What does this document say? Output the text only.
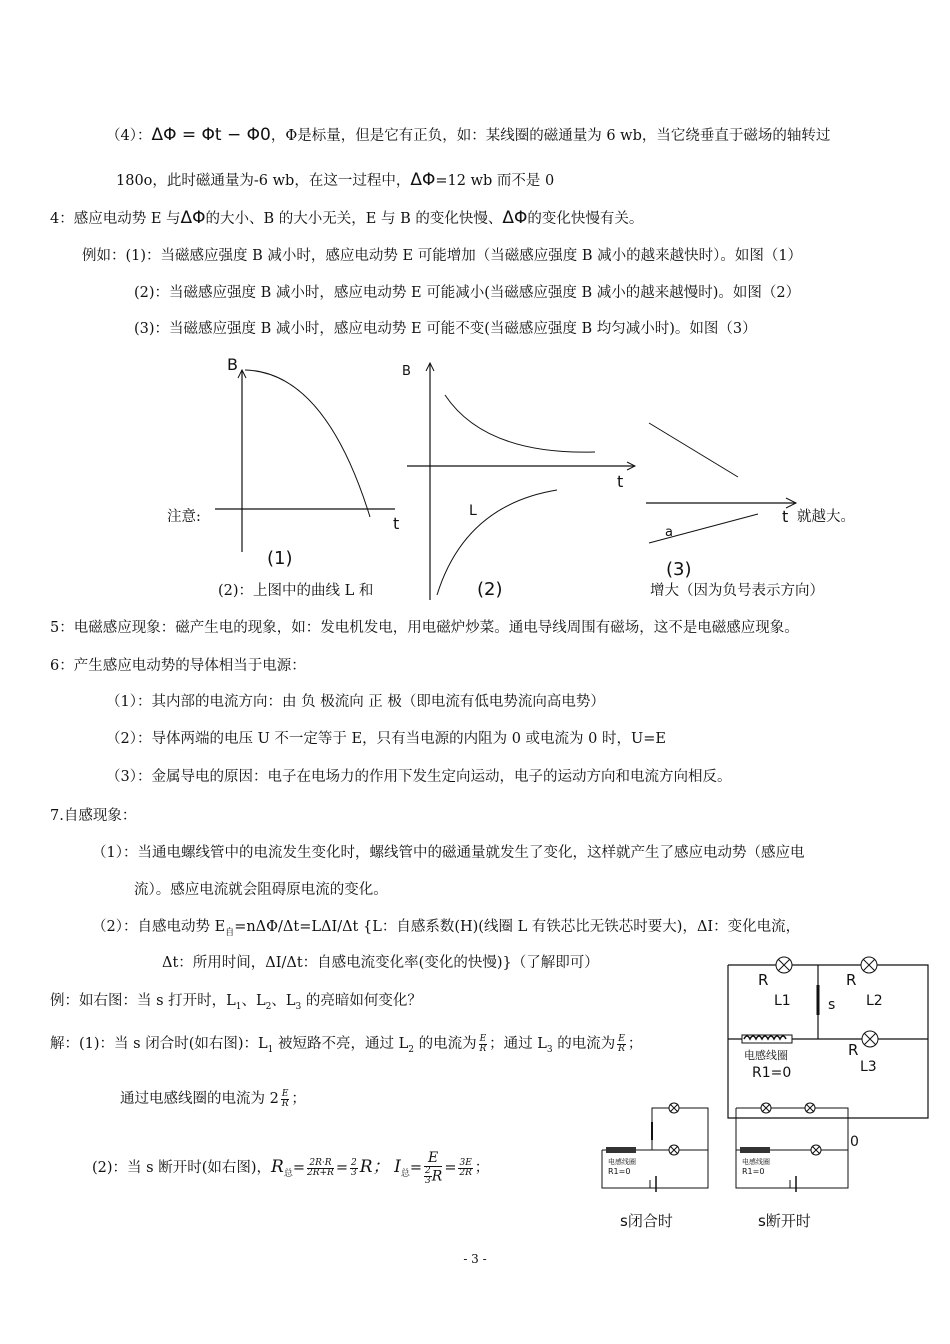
（4）：ΔΦ = Φt − Φ0，Φ是标量，但是它有正负，如：某线圈的磁通量为 6 wb，当它绕垂直于磁场的轴转过
180o，此时磁通量为-6 wb，在这一过程中，ΔΦ=12 wb 而不是 0
4：感应电动势 E 与ΔΦ的大小、B 的大小无关，E 与 B 的变化快慢、ΔΦ的变化快慢有关。
例如：(1)：当磁感应强度 B 减小时，感应电动势 E 可能增加（当磁感应强度 B 减小的越来越快时）。如图（1）
(2)：当磁感应强度 B 减小时，感应电动势 E 可能减小(当磁感应强度 B 减小的越来越慢时)。如图（2）
(3)：当磁感应强度 B 减小时，感应电动势 E 可能不变(当磁感应强度 B 均匀减小时)。如图（3）
B
t
(1)
B
t
L
(2)
t
a
(3)
注意:	就越大。
(2)：上图中的曲线 L 和	增大（因为负号表示方向）
5：电磁感应现象：磁产生电的现象，如：发电机发电，用电磁炉炒菜。通电导线周围有磁场，这不是电磁感应现象。
6：产生感应电动势的导体相当于电源：
（1）：其内部的电流方向：由 负 极流向 正 极（即电流有低电势流向高电势）
（2）：导体两端的电压 U 不一定等于 E，只有当电源的内阻为 0 或电流为 0 时，U=E
（3）：金属导电的原因：电子在电场力的作用下发生定向运动，电子的运动方向和电流方向相反。
7.自感现象：
（1）：当通电螺线管中的电流发生变化时，螺线管中的磁通量就发生了变化，这样就产生了感应电动势（感应电
流）。感应电流就会阻碍原电流的变化。
（2）：自感电动势 $E_自=n\Delta\Phi/\Delta t=L\Delta I/\Delta t$ {L：自感系数(H)(线圈 L 有铁芯比无铁芯时要大)，ΔI：变化电流，
Δt：所用时间，ΔI/Δt：自感电流变化率(变化的快慢)}（了解即可）
例：如右图：当 s 打开时，$L_1$、$L_2$、$L_3$ 的亮暗如何变化？
解：(1)：当 s 闭合时(如右图)：$L_1$ 被短路不亮，通过 $L_2$ 的电流为 $\frac{E}{R}$ ；通过 $L_3$ 的电流为 $\frac{E}{R}$ ；
通过电感线圈的电流为 $2 \frac{E}{R}$ ；
(2)：当 s 断开时(如右图)，$R_总= \frac{2R\cdot R}{2R+R} = \frac{2}{3}$ R； $I_总= \frac{E}{\frac{2}{3} R} = \frac{3E}{2R}$ ；
R
L1
R
L2
s
电感线圈
R1=0
R
L3
电感线圈
R1=0
s闭合时
电感线圈
R1=0
s断开时
0
- 3 -
